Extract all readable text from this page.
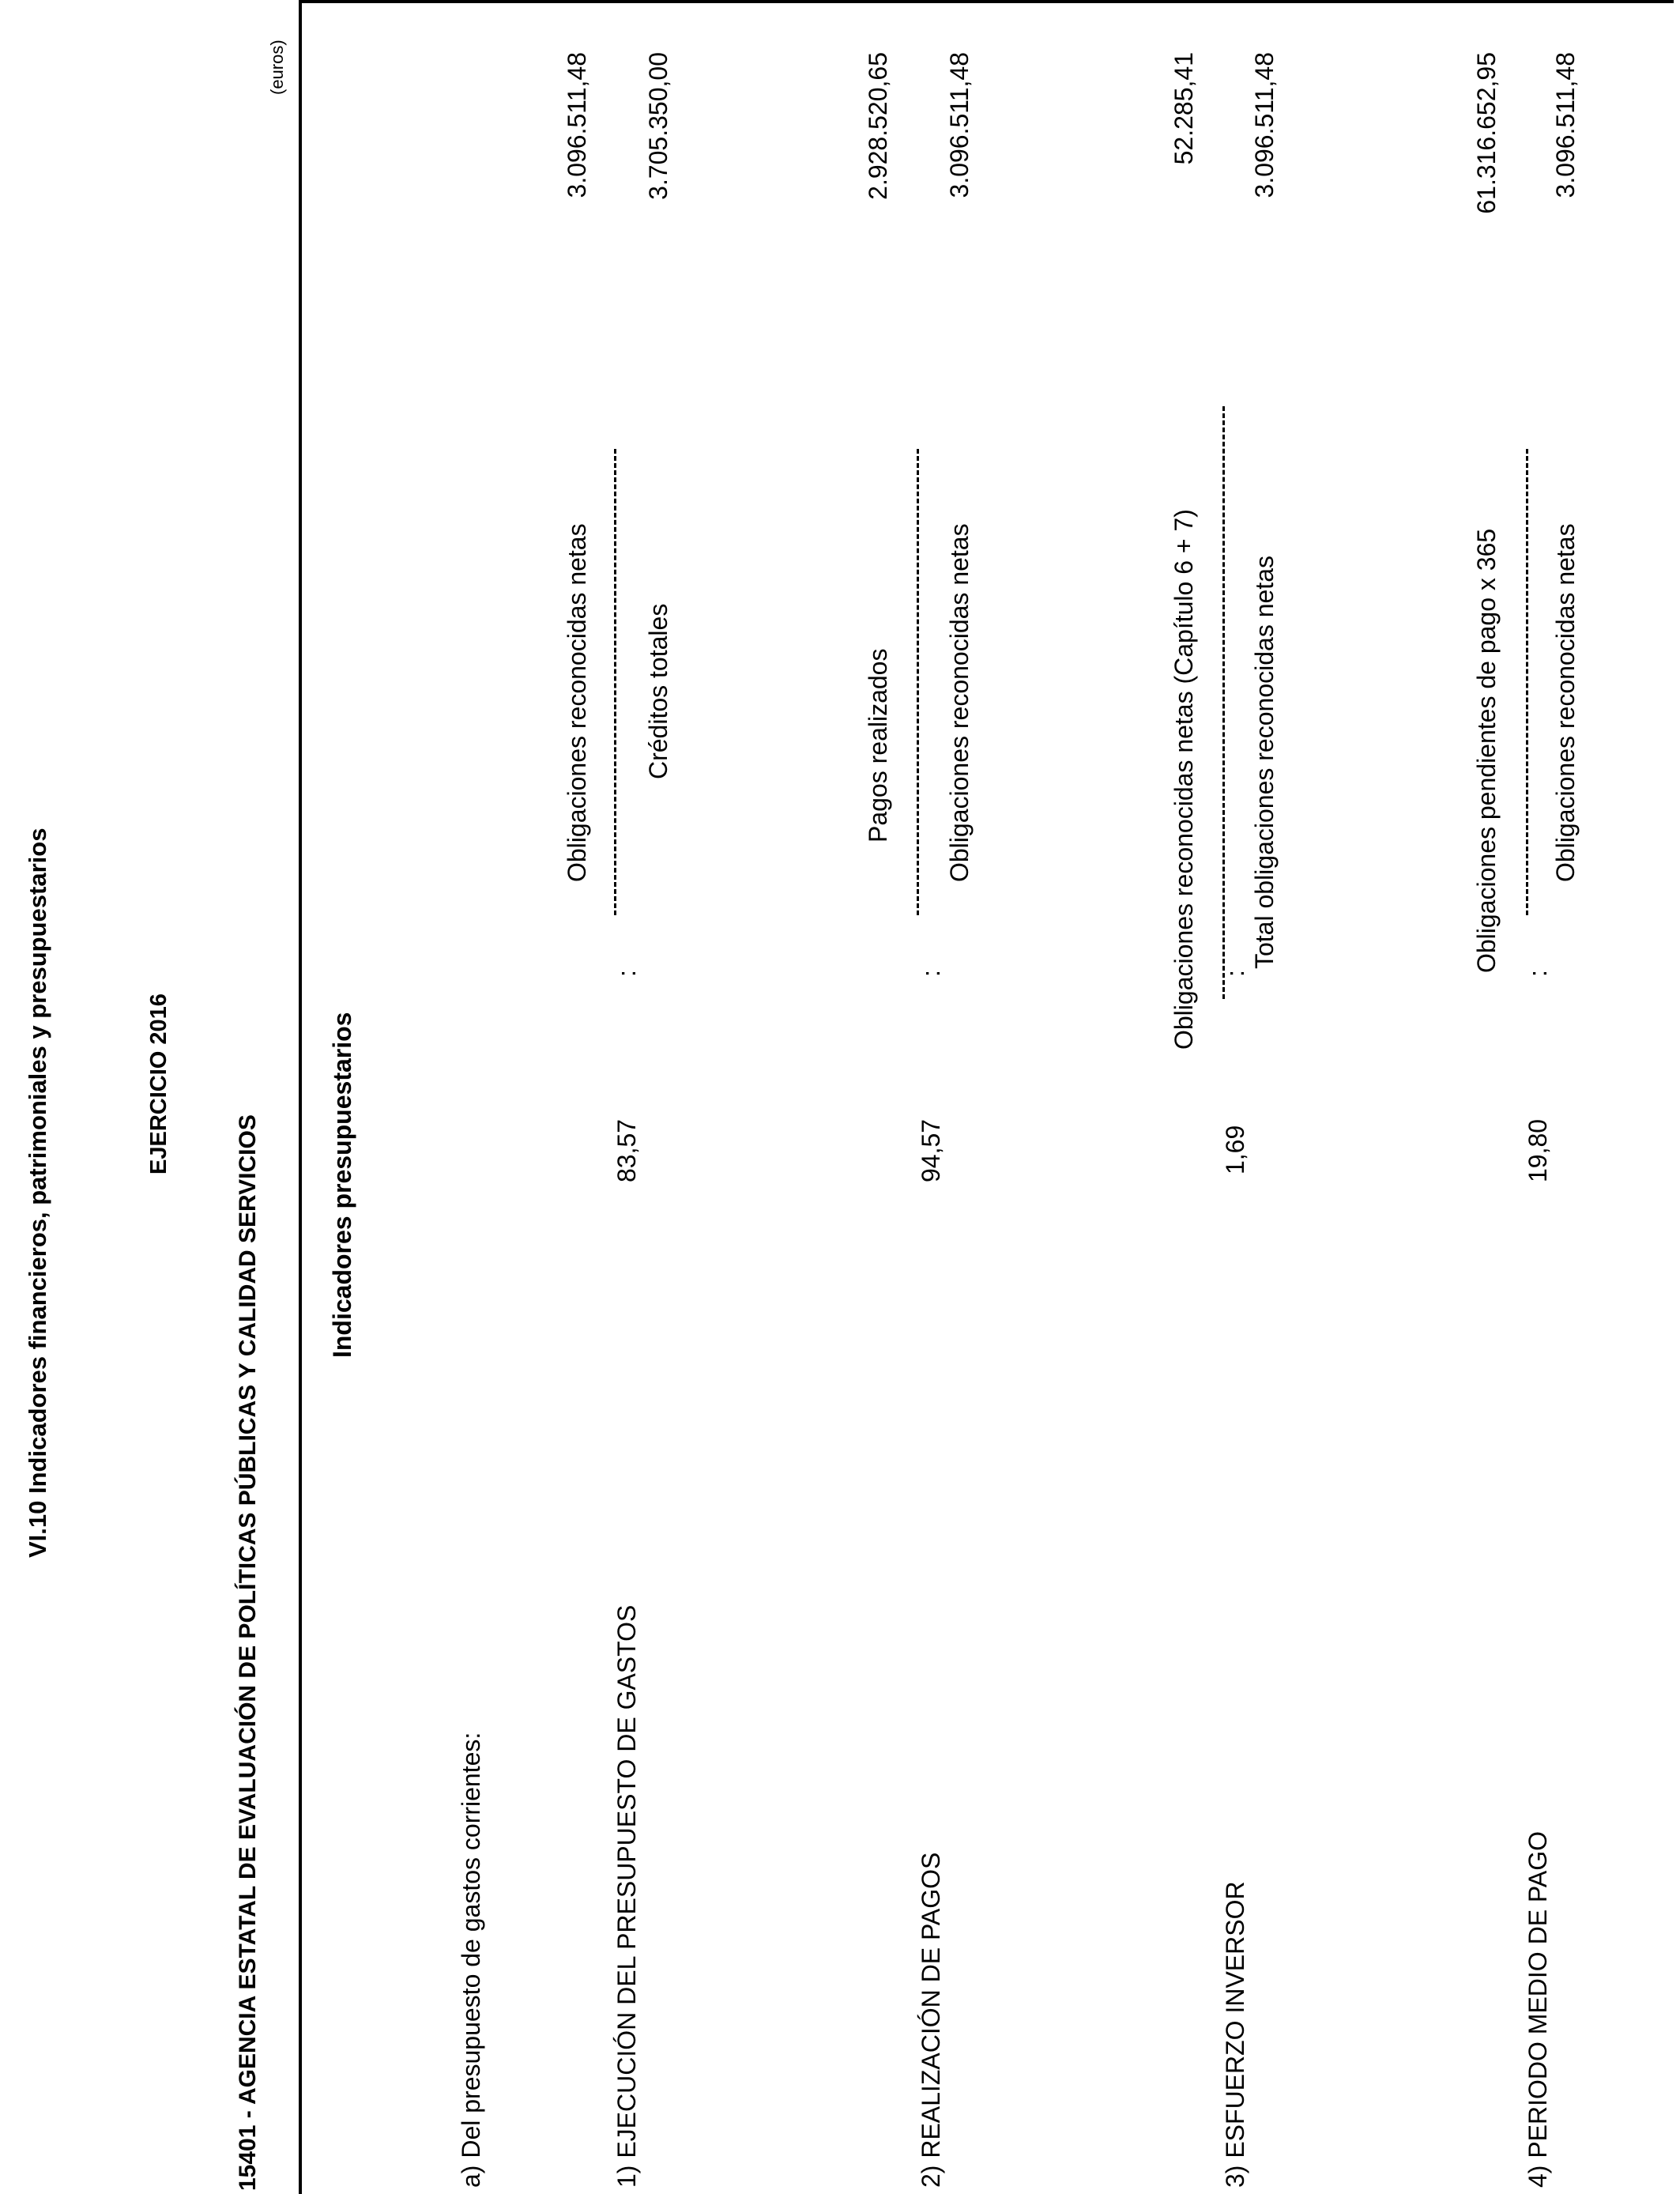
VI.10 Indicadores financieros, patrimoniales y presupuestarios	EJERCICIO 2016
15401 - AGENCIA ESTATAL DE EVALUACIÓN DE POLÍTICAS PÚBLICAS Y CALIDAD SERVICIOS
(euros)
Indicadores presupuestarios
a) Del presupuesto de gastos corrientes:	1) EJECUCIÓN DEL PRESUPUESTO DE GASTOS
83,57
:
Obligaciones reconocidas netas Créditos totales
3.096.511,48 3.705.350,00
2) REALIZACIÓN DE PAGOS
94,57
:
Pagos realizados Obligaciones reconocidas netas
2.928.520,65 3.096.511,48
3) ESFUERZO INVERSOR
1,69
:
Obligaciones reconocidas netas (Capítulo 6 + 7) Total obligaciones reconocidas netas
52.285,41 3.096.511,48
4) PERIODO MEDIO DE PAGO
19,80
:
Obligaciones pendientes de pago x 365 Obligaciones reconocidas netas
61.316.652,95 3.096.511,48
